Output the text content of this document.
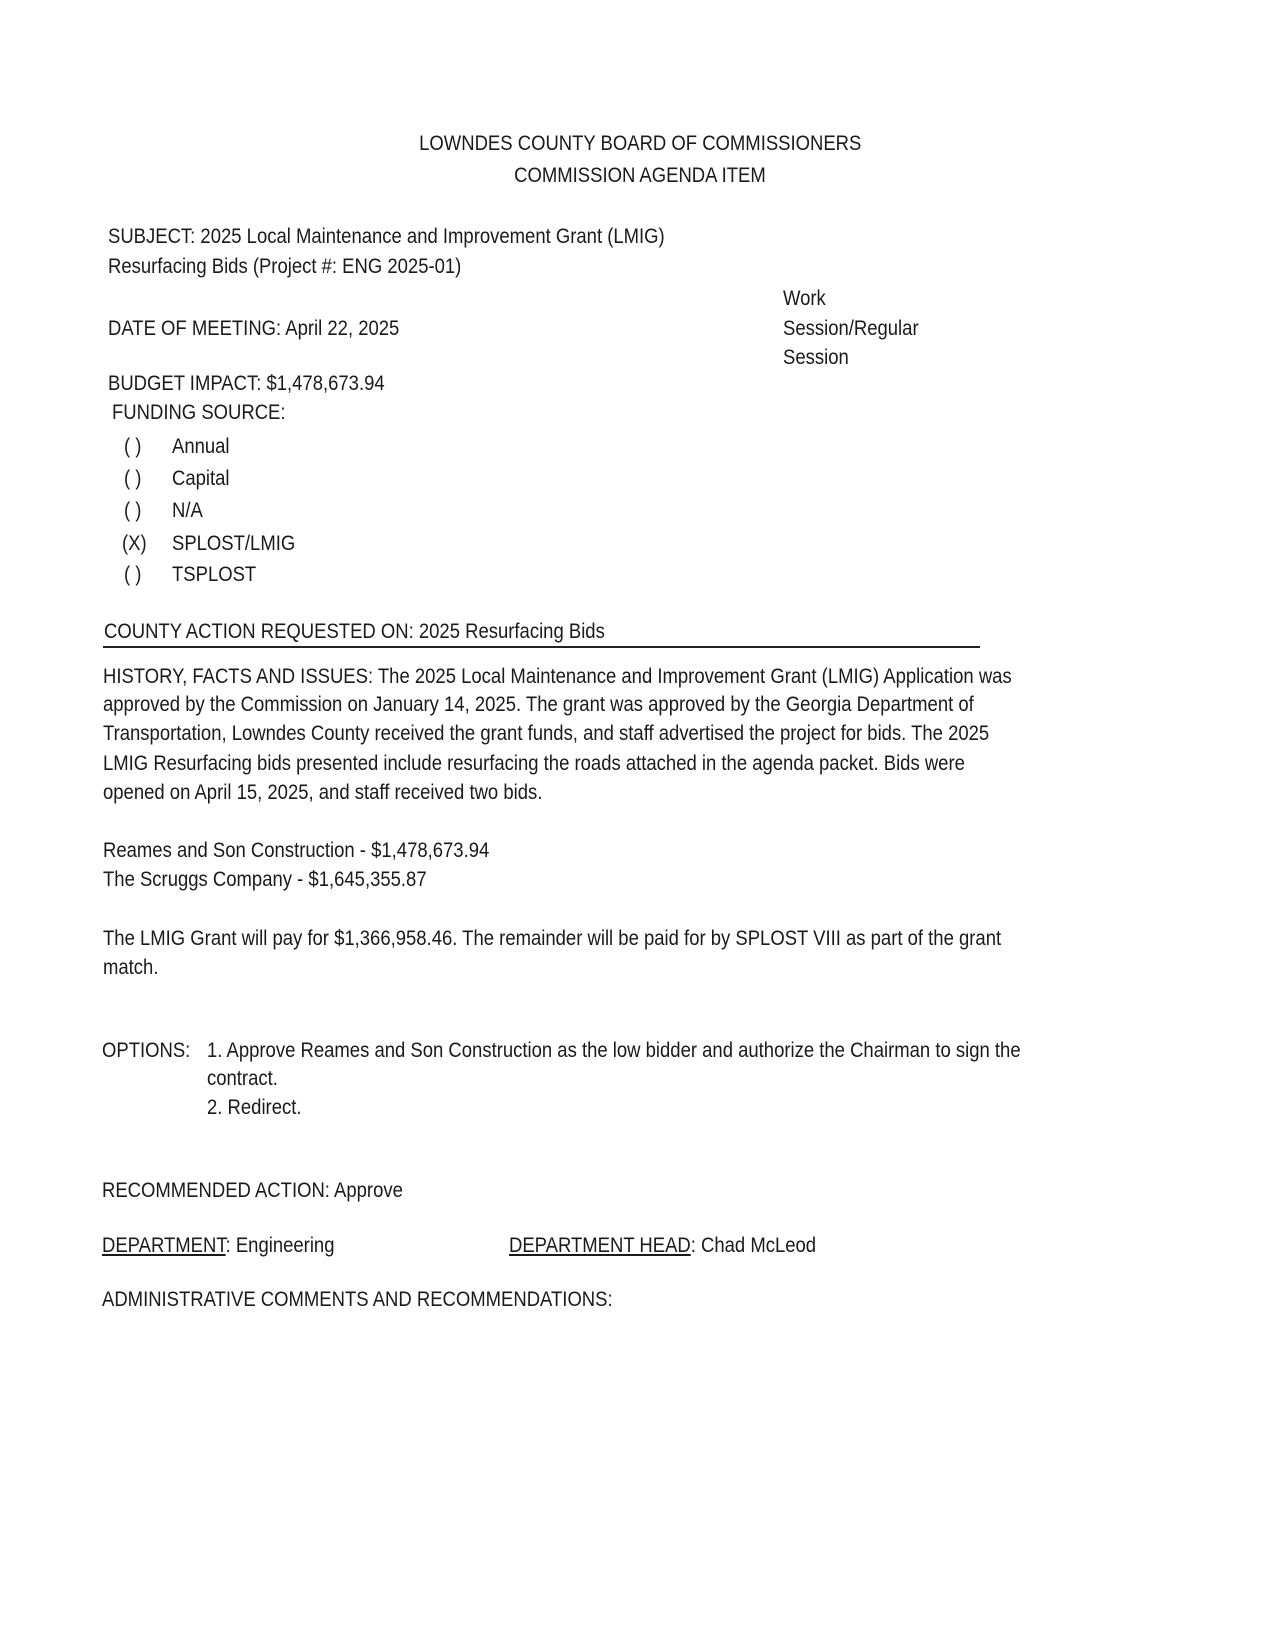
LOWNDES COUNTY BOARD OF COMMISSIONERS
COMMISSION AGENDA ITEM
SUBJECT: 2025 Local Maintenance and Improvement Grant (LMIG)
Resurfacing Bids (Project #: ENG 2025-01)
Work
Session/Regular
Session
DATE OF MEETING: April 22, 2025
BUDGET IMPACT: $1,478,673.94
FUNDING SOURCE:
( ) Annual
( ) Capital
( ) N/A
(X) SPLOST/LMIG
( ) TSPLOST
COUNTY ACTION REQUESTED ON: 2025 Resurfacing Bids
HISTORY, FACTS AND ISSUES: The 2025 Local Maintenance and Improvement Grant (LMIG) Application was
approved by the Commission on January 14, 2025. The grant was approved by the Georgia Department of
Transportation, Lowndes County received the grant funds, and staff advertised the project for bids. The 2025
LMIG Resurfacing bids presented include resurfacing the roads attached in the agenda packet. Bids were
opened on April 15, 2025, and staff received two bids.
Reames and Son Construction - $1,478,673.94
The Scruggs Company - $1,645,355.87
The LMIG Grant will pay for $1,366,958.46. The remainder will be paid for by SPLOST VIII as part of the grant
match.
OPTIONS: 1. Approve Reames and Son Construction as the low bidder and authorize the Chairman to sign the
contract.
2. Redirect.
RECOMMENDED ACTION: Approve
DEPARTMENT: Engineering	DEPARTMENT HEAD: Chad McLeod
ADMINISTRATIVE COMMENTS AND RECOMMENDATIONS:
